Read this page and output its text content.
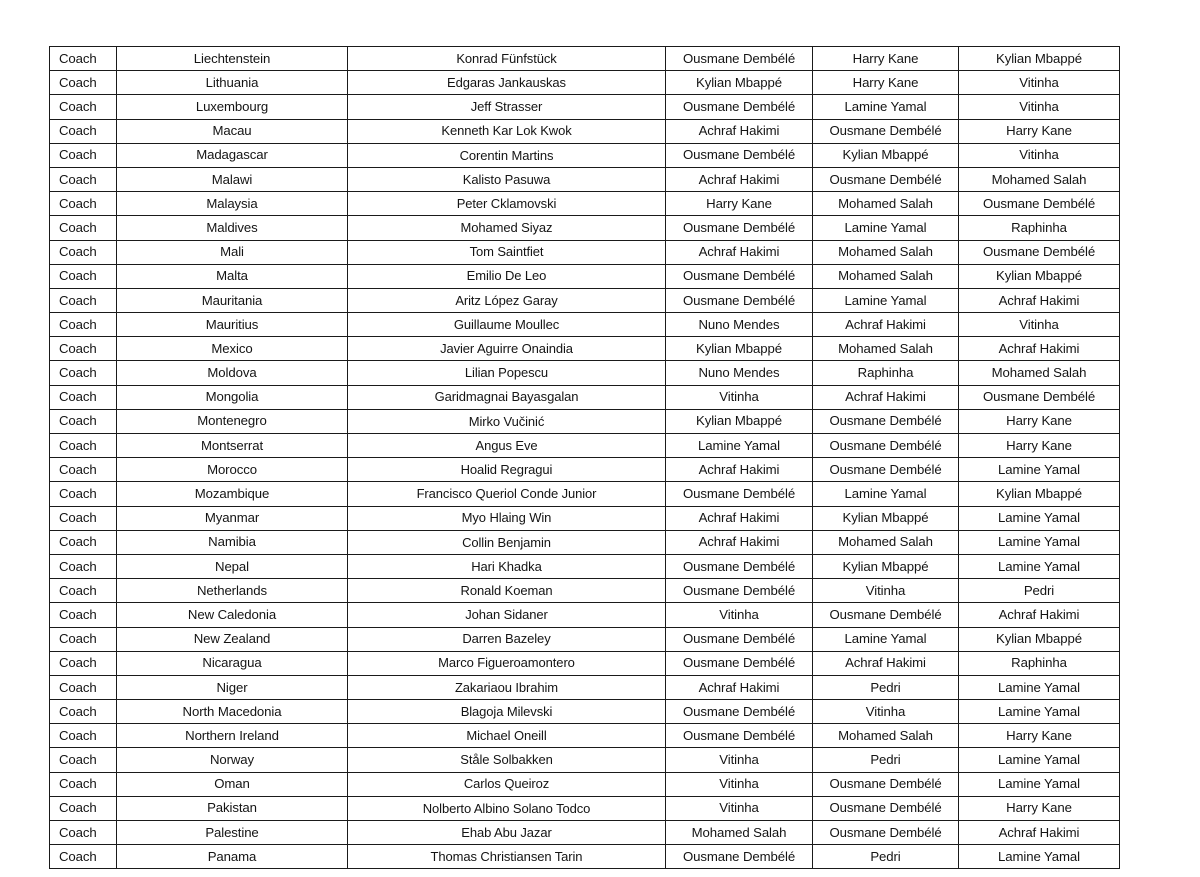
Coach	Liechtenstein	Konrad Fünfstück	Ousmane Dembélé	Harry Kane	Kylian Mbappé
Coach	Lithuania	Edgaras Jankauskas	Kylian Mbappé	Harry Kane	Vitinha
Coach	Luxembourg	Jeff Strasser	Ousmane Dembélé	Lamine Yamal	Vitinha
Coach	Macau	Kenneth Kar Lok Kwok	Achraf Hakimi	Ousmane Dembélé	Harry Kane
Coach	Madagascar	Corentin Martins	Ousmane Dembélé	Kylian Mbappé	Vitinha
Coach	Malawi	Kalisto Pasuwa	Achraf Hakimi	Ousmane Dembélé	Mohamed Salah
Coach	Malaysia	Peter Cklamovski	Harry Kane	Mohamed Salah	Ousmane Dembélé
Coach	Maldives	Mohamed Siyaz	Ousmane Dembélé	Lamine Yamal	Raphinha
Coach	Mali	Tom Saintfiet	Achraf Hakimi	Mohamed Salah	Ousmane Dembélé
Coach	Malta	Emilio De Leo	Ousmane Dembélé	Mohamed Salah	Kylian Mbappé
Coach	Mauritania	Aritz López Garay	Ousmane Dembélé	Lamine Yamal	Achraf Hakimi
Coach	Mauritius	Guillaume Moullec	Nuno Mendes	Achraf Hakimi	Vitinha
Coach	Mexico	Javier Aguirre Onaindia	Kylian Mbappé	Mohamed Salah	Achraf Hakimi
Coach	Moldova	Lilian Popescu	Nuno Mendes	Raphinha	Mohamed Salah
Coach	Mongolia	Garidmagnai Bayasgalan	Vitinha	Achraf Hakimi	Ousmane Dembélé
Coach	Montenegro	Mirko Vučinić	Kylian Mbappé	Ousmane Dembélé	Harry Kane
Coach	Montserrat	Angus Eve	Lamine Yamal	Ousmane Dembélé	Harry Kane
Coach	Morocco	Hoalid Regragui	Achraf Hakimi	Ousmane Dembélé	Lamine Yamal
Coach	Mozambique	Francisco Queriol Conde Junior	Ousmane Dembélé	Lamine Yamal	Kylian Mbappé
Coach	Myanmar	Myo Hlaing Win	Achraf Hakimi	Kylian Mbappé	Lamine Yamal
Coach	Namibia	Collin Benjamin	Achraf Hakimi	Mohamed Salah	Lamine Yamal
Coach	Nepal	Hari Khadka	Ousmane Dembélé	Kylian Mbappé	Lamine Yamal
Coach	Netherlands	Ronald Koeman	Ousmane Dembélé	Vitinha	Pedri
Coach	New Caledonia	Johan Sidaner	Vitinha	Ousmane Dembélé	Achraf Hakimi
Coach	New Zealand	Darren Bazeley	Ousmane Dembélé	Lamine Yamal	Kylian Mbappé
Coach	Nicaragua	Marco Figueroamontero	Ousmane Dembélé	Achraf Hakimi	Raphinha
Coach	Niger	Zakariaou Ibrahim	Achraf Hakimi	Pedri	Lamine Yamal
Coach	North Macedonia	Blagoja Milevski	Ousmane Dembélé	Vitinha	Lamine Yamal
Coach	Northern Ireland	Michael Oneill	Ousmane Dembélé	Mohamed Salah	Harry Kane
Coach	Norway	Ståle Solbakken	Vitinha	Pedri	Lamine Yamal
Coach	Oman	Carlos Queiroz	Vitinha	Ousmane Dembélé	Lamine Yamal
Coach	Pakistan	Nolberto Albino Solano Todco	Vitinha	Ousmane Dembélé	Harry Kane
Coach	Palestine	Ehab Abu Jazar	Mohamed Salah	Ousmane Dembélé	Achraf Hakimi
Coach	Panama	Thomas Christiansen Tarin	Ousmane Dembélé	Pedri	Lamine Yamal
